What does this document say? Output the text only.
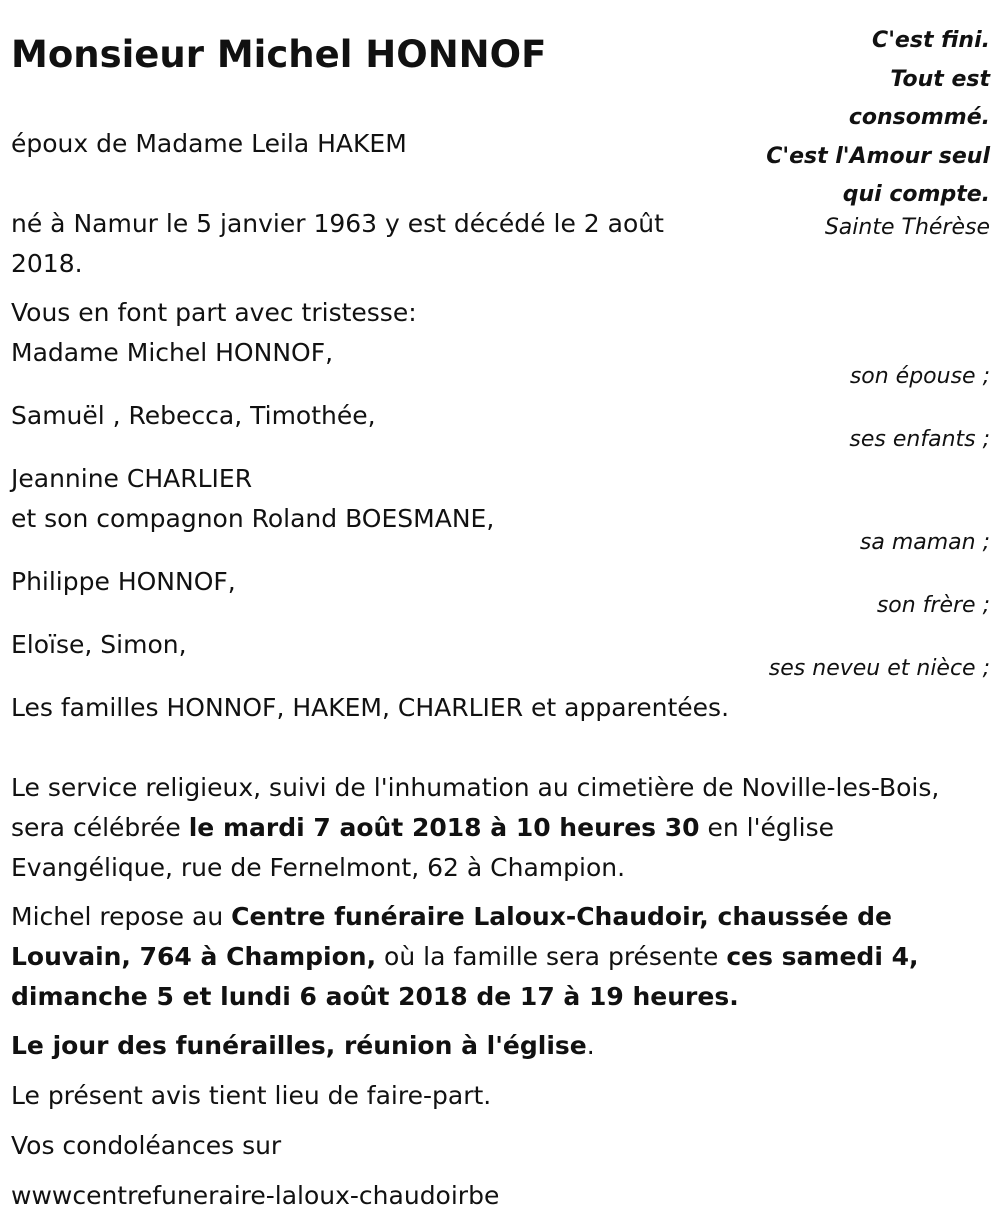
Monsieur Michel HONNOF	C'est fini.
Tout est
consommé.
C'est l'Amour seul
qui compte.
Sainte Thérèse
époux de Madame Leila HAKEM
né à Namur le 5 janvier 1963 y est décédé le 2 août
2018.
Vous en font part avec tristesse:
Madame Michel HONNOF,
son épouse ;
Samuël , Rebecca, Timothée,
ses enfants ;
Jeannine CHARLIER
et son compagnon Roland BOESMANE,
sa maman ;
Philippe HONNOF,
son frère ;
Eloïse, Simon,
ses neveu et nièce ;
Les familles HONNOF, HAKEM, CHARLIER et apparentées.
Le service religieux, suivi de l'inhumation au cimetière de Noville-les-Bois,
sera célébrée le mardi 7 août 2018 à 10 heures 30 en l'église
Evangélique, rue de Fernelmont, 62 à Champion.
Michel repose au Centre funéraire Laloux-Chaudoir, chaussée de Louvain, 764 à Champion, où la famille sera présente ces samedi 4, dimanche 5 et lundi 6 août 2018 de 17 à 19 heures.
Le jour des funérailles, réunion à l'église.
Le présent avis tient lieu de faire-part.
Vos condoléances sur
wwwcentrefuneraire-laloux-chaudoirbe
